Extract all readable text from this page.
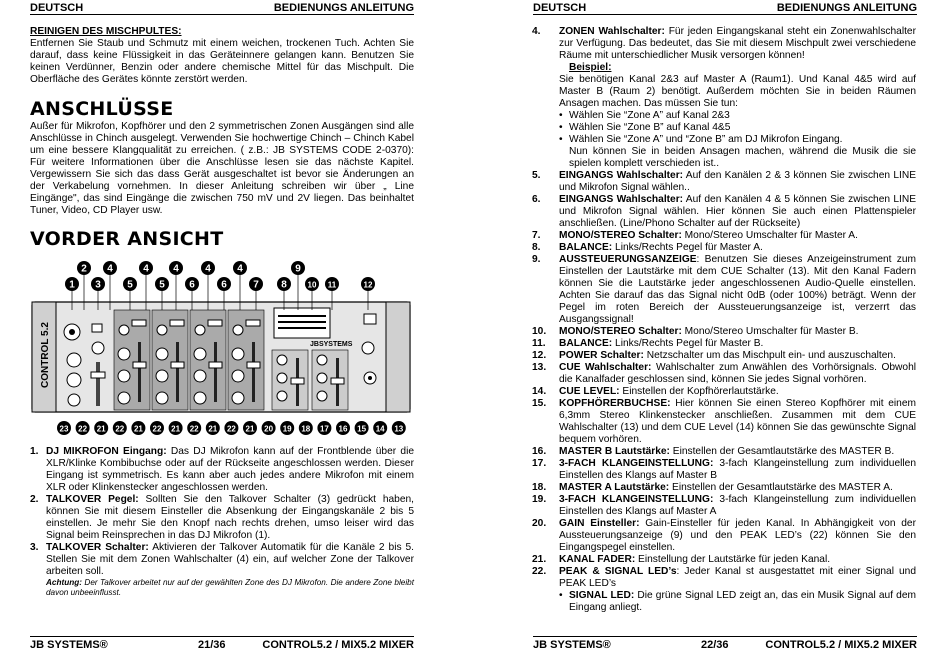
DEUTSCH	BEDIENUNGS ANLEITUNG
REINIGEN DES MISCHPULTES:
Entfernen Sie Staub und Schmutz mit einem weichen, trockenen Tuch. Achten Sie darauf, dass keine Flüssigkeit in das Geräteinnere gelangen kann. Benutzen Sie keinen Verdünner, Benzin oder andere chemische Mittel für das Mischpult. Die Oberfläche des Gerätes könnte zerstört werden.
ANSCHLÜSSE
Außer für Mikrofon, Kopfhörer und den 2 symmetrischen Zonen Ausgängen sind alle Anschlüsse in Chinch ausgelegt. Verwenden Sie hochwertige Chinch – Chinch Kabel um eine bessere Klangqualität zu erreichen. ( z.B.: JB SYSTEMS CODE 2-0370): Für weitere Informationen über die Anschlüsse lesen sie das nächste Kapitel. Vergewissern Sie sich das dass Gerät ausgeschaltet ist bevor sie Änderungen an der Verkabelung vornehmen. In dieser Anleitung schreiben wir über „ Line Eingänge", das sind Eingänge die zwischen 750 mV und 2V liegen. Das beinhaltet Tuner, Video, CD Player usw.
VORDER ANSICHT
CONTROL 5.2	JBSYSTEMS
1
2
3
4
5
4
5
4
6
4
6
4
7 8
9
10 11	12
23 22 21 22 21 22 21 22 21 22 21 20 19 18 17 16 15 14 13
1. DJ MIKROFON Eingang: Das DJ Mikrofon kann auf der Frontblende über die XLR/Klinke Kombibuchse oder auf der Rückseite angeschlossen werden. Dieser Eingang ist symmetrisch. Es kann aber auch jedes andere Mikrofon mit einem XLR oder Klinkenstecker angeschlossen werden.
2. TALKOVER Pegel: Sollten Sie den Talkover Schalter (3) gedrückt haben, können Sie mit diesem Einsteller die Absenkung der Eingangskanäle 2 bis 5 einstellen. Je mehr Sie den Knopf nach rechts drehen, umso leiser wird das Signal beim Reinsprechen in das DJ Mikrofon (1).
3. TALKOVER Schalter: Aktivieren der Talkover Automatik für die Kanäle 2 bis 5. Stellen Sie mit dem Zonen Wahlschalter (4) ein, auf welcher Zone der Talkover arbeiten soll.
Achtung: Der Talkover arbeitet nur auf der gewählten Zone des DJ Mikrofon. Die andere Zone bleibt davon unbeeinflusst.
JB SYSTEMS®	21/36	CONTROL5.2 / MIX5.2 MIXER
DEUTSCH	BEDIENUNGS ANLEITUNG
JB SYSTEMS®	22/36	CONTROL5.2 / MIX5.2 MIXER
4.	ZONEN Wahlschalter: Für jeden Eingangskanal steht ein Zonenwahlschalter zur Verfügung. Das bedeutet, das Sie mit diesem Mischpult zwei verschiedene Räume mit unterschiedlicher Musik versorgen können!
Beispiel:
Sie benötigen Kanal 2&3 auf Master A (Raum1). Und Kanal 4&5 wird auf Master B (Raum 2) benötigt. Außerdem möchten Sie in beiden Räumen Ansagen machen. Das müssen Sie tun:
• Wählen Sie “Zone A” auf Kanal 2&3
• Wählen Sie “Zone B” auf Kanal 4&5
• Wählen Sie “Zone A” und “Zone B” am DJ Mikrofon Eingang.
Nun können Sie in beiden Ansagen machen, während die Musik die sie spielen komplett verschieden ist..
5.	EINGANGS Wahlschalter: Auf den Kanälen 2 & 3 können Sie zwischen LINE und Mikrofon Signal wählen..
6.	EINGANGS Wahlschalter: Auf den Kanälen 4 & 5 können Sie zwischen LINE und Mikrofon Signal wählen. Hier können Sie auch einen Plattenspieler anschließen. (Line/Phono Schalter auf der Rückseite)
7.	MONO/STEREO Schalter: Mono/Stereo Umschalter für Master A.
8.	BALANCE: Links/Rechts Pegel für Master A.
9.	AUSSTEUERUNGSANZEIGE: Benutzen Sie dieses Anzeigeinstrument zum Einstellen der Lautstärke mit dem CUE Schalter (13). Mit den Kanal Fadern können Sie die Lautstärke jeder angeschlossenen Audio-Quelle einstellen. Achten Sie darauf das das Signal nicht 0dB (oder 100%) beträgt. Wenn der Pegel im roten Bereich der Aussteuerungsanzeige ist, verzerrt das Ausgangssignal!
10.	MONO/STEREO Schalter: Mono/Stereo Umschalter für Master B.
11.	BALANCE: Links/Rechts Pegel für Master B.
12.	POWER Schalter: Netzschalter um das Mischpult ein- und auszuschalten.
13.	CUE Wahlschalter: Wahlschalter zum Anwählen des Vorhörsignals. Obwohl die Kanalfader geschlossen sind, können Sie jedes Signal vorhören.
14.	CUE LEVEL: Einstellen der Kopfhörerlautstärke.
15.	KOPFHÖRERBUCHSE: Hier können Sie einen Stereo Kopfhörer mit einem 6,3mm Stereo Klinkenstecker anschließen. Zusammen mit dem CUE Wahlschalter (13) und dem CUE Level (14) können Sie das gewünschte Signal bequem vorhören.
16.	MASTER B Lautstärke: Einstellen der Gesamtlautstärke des MASTER B.
17.	3-FACH KLANGEINSTELLUNG: 3-fach Klangeinstellung zum individuellen Einstellen des Klangs auf Master B
18.	MASTER A Lautstärke: Einstellen der Gesamtlautstärke des MASTER A.
19.	3-FACH KLANGEINSTELLUNG: 3-fach Klangeinstellung zum individuellen Einstellen des Klangs auf Master A
20.	GAIN Einsteller: Gain-Einsteller für jeden Kanal. In Abhängigkeit von der Aussteuerungsanzeige (9) und den PEAK LED’s (22) können Sie den Eingangspegel einstellen.
21.	KANAL FADER: Einstellung der Lautstärke für jeden Kanal.
22.	PEAK & SIGNAL LED’s: Jeder Kanal st ausgestattet mit einer Signal und PEAK LED’s
• SIGNAL LED: Die grüne Signal LED zeigt an, das ein Musik Signal auf dem Eingang anliegt.
